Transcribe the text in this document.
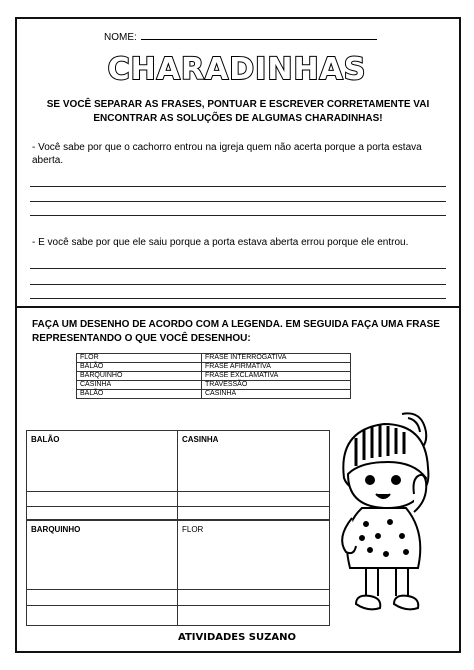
NOME:
CHARADINHAS
SE VOCÊ SEPARAR AS FRASES, PONTUAR E ESCREVER CORRETAMENTE VAI ENCONTRAR AS SOLUÇÕES DE ALGUMAS CHARADINHAS!
- Você sabe por que o cachorro entrou na igreja quem não acerta porque a porta estava aberta.
- E você sabe por que ele saiu porque a porta estava aberta errou porque ele entrou.
FAÇA UM DESENHO DE ACORDO COM A LEGENDA. EM SEGUIDA FAÇA UMA FRASE REPRESENTANDO O QUE VOCÊ DESENHOU:
FLOR	FRASE INTERROGATIVA
BALÃO	FRASE AFIRMATIVA
BARQUINHO	FRASE EXCLAMATIVA
CASINHA	TRAVESSÃO
BALÃO	CASINHA
BALÃO	CASINHA
BARQUINHO	FLOR
ATIVIDADES SUZANO
